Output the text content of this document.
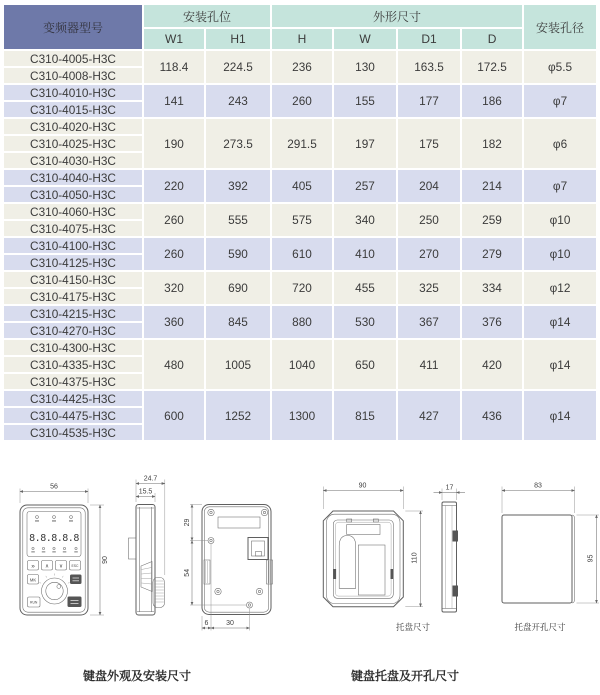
变频器型号	安装孔位		外形尺寸				安装孔径
	W1	H1	H	W	D1	D	
C310-4005-H3C	118.4	224.5	236	130	163.5	172.5	φ5.5
C310-4008-H3C							
C310-4010-H3C	141	243	260	155	177	186	φ7
C310-4015-H3C							
C310-4020-H3C	190	273.5	291.5	197	175	182	φ6
C310-4025-H3C							
C310-4030-H3C							
C310-4040-H3C	220	392	405	257	204	214	φ7
C310-4050-H3C							
C310-4060-H3C	260	555	575	340	250	259	φ10
C310-4075-H3C							
C310-4100-H3C	260	590	610	410	270	279	φ10
C310-4125-H3C							
C310-4150-H3C	320	690	720	455	325	334	φ12
C310-4175-H3C							
C310-4215-H3C	360	845	880	530	367	376	φ14
C310-4270-H3C							
C310-4300-H3C	480	1005	1040	650	411	420	φ14
C310-4335-H3C							
C310-4375-H3C							
C310-4425-H3C	600	1252	1300	815	427	436	φ14
C310-4475-H3C							
C310-4535-H3C							
8.8.8.8.8
» ∧ ∨ ESC
MK
RUN
56
90
24.7
15.5
29
54
6	30
90
110
托盘尺寸
17	83
95
托盘开孔尺寸
键盘外观及安装尺寸	键盘托盘及开孔尺寸
